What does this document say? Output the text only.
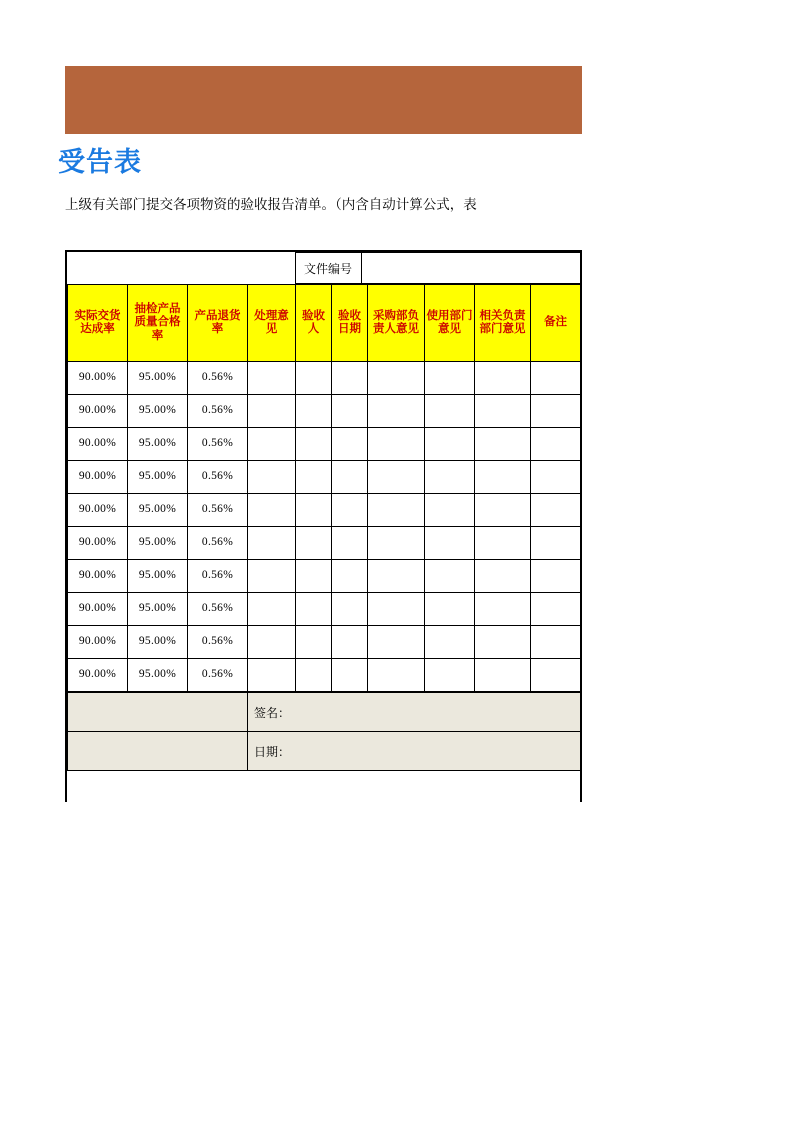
受告表
上级有关部门提交各项物资的验收报告清单。（内含自动计算公式，表
	文件编号	
实际交货达成率	抽检产品质量合格率	产品退货率	处理意见	验收人	验收日期	采购部负责人意见	使用部门意见	相关负责部门意见	备注
90.00%	95.00%	0.56%							
90.00%	95.00%	0.56%							
90.00%	95.00%	0.56%							
90.00%	95.00%	0.56%							
90.00%	95.00%	0.56%							
90.00%	95.00%	0.56%							
90.00%	95.00%	0.56%							
90.00%	95.00%	0.56%							
90.00%	95.00%	0.56%							
90.00%	95.00%	0.56%							
	签名：
	日期：
